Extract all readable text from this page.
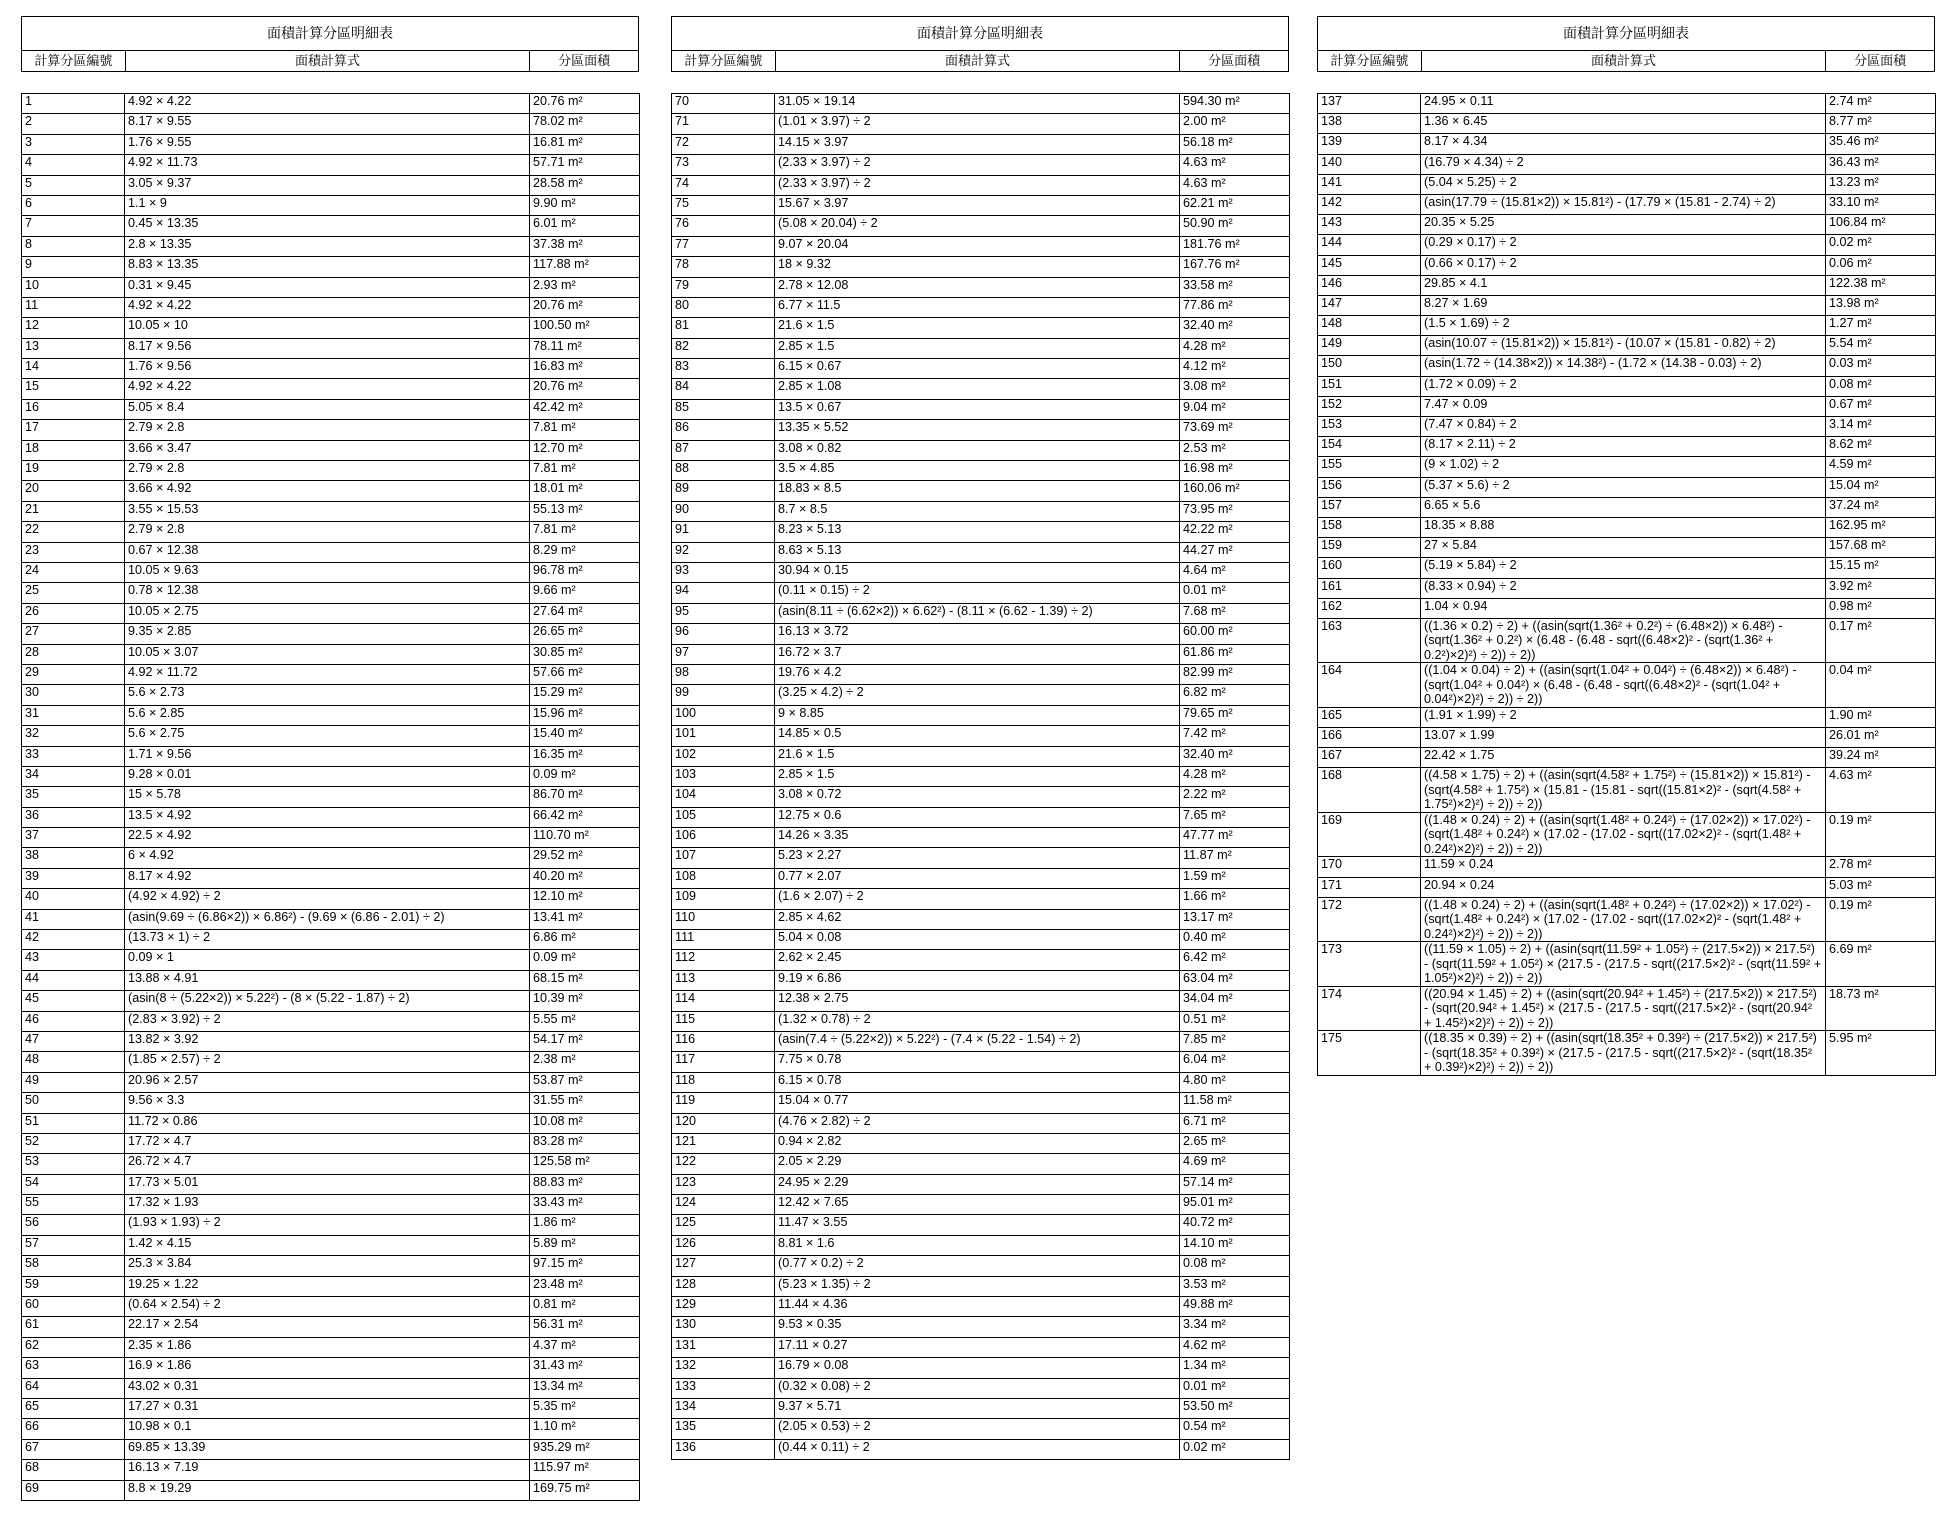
面積計算分區明細表
計算分區編號	面積計算式	分區面積
1	4.92 × 4.22	20.76 m²
2	8.17 × 9.55	78.02 m²
3	1.76 × 9.55	16.81 m²
4	4.92 × 11.73	57.71 m²
5	3.05 × 9.37	28.58 m²
6	1.1 × 9	9.90 m²
7	0.45 × 13.35	6.01 m²
8	2.8 × 13.35	37.38 m²
9	8.83 × 13.35	117.88 m²
10	0.31 × 9.45	2.93 m²
11	4.92 × 4.22	20.76 m²
12	10.05 × 10	100.50 m²
13	8.17 × 9.56	78.11 m²
14	1.76 × 9.56	16.83 m²
15	4.92 × 4.22	20.76 m²
16	5.05 × 8.4	42.42 m²
17	2.79 × 2.8	7.81 m²
18	3.66 × 3.47	12.70 m²
19	2.79 × 2.8	7.81 m²
20	3.66 × 4.92	18.01 m²
21	3.55 × 15.53	55.13 m²
22	2.79 × 2.8	7.81 m²
23	0.67 × 12.38	8.29 m²
24	10.05 × 9.63	96.78 m²
25	0.78 × 12.38	9.66 m²
26	10.05 × 2.75	27.64 m²
27	9.35 × 2.85	26.65 m²
28	10.05 × 3.07	30.85 m²
29	4.92 × 11.72	57.66 m²
30	5.6 × 2.73	15.29 m²
31	5.6 × 2.85	15.96 m²
32	5.6 × 2.75	15.40 m²
33	1.71 × 9.56	16.35 m²
34	9.28 × 0.01	0.09 m²
35	15 × 5.78	86.70 m²
36	13.5 × 4.92	66.42 m²
37	22.5 × 4.92	110.70 m²
38	6 × 4.92	29.52 m²
39	8.17 × 4.92	40.20 m²
40	(4.92 × 4.92) ÷ 2	12.10 m²
41	(asin(9.69 ÷ (6.86×2)) × 6.86²) - (9.69 × (6.86 - 2.01) ÷ 2)	13.41 m²
42	(13.73 × 1) ÷ 2	6.86 m²
43	0.09 × 1	0.09 m²
44	13.88 × 4.91	68.15 m²
45	(asin(8 ÷ (5.22×2)) × 5.22²) - (8 × (5.22 - 1.87) ÷ 2)	10.39 m²
46	(2.83 × 3.92) ÷ 2	5.55 m²
47	13.82 × 3.92	54.17 m²
48	(1.85 × 2.57) ÷ 2	2.38 m²
49	20.96 × 2.57	53.87 m²
50	9.56 × 3.3	31.55 m²
51	11.72 × 0.86	10.08 m²
52	17.72 × 4.7	83.28 m²
53	26.72 × 4.7	125.58 m²
54	17.73 × 5.01	88.83 m²
55	17.32 × 1.93	33.43 m²
56	(1.93 × 1.93) ÷ 2	1.86 m²
57	1.42 × 4.15	5.89 m²
58	25.3 × 3.84	97.15 m²
59	19.25 × 1.22	23.48 m²
60	(0.64 × 2.54) ÷ 2	0.81 m²
61	22.17 × 2.54	56.31 m²
62	2.35 × 1.86	4.37 m²
63	16.9 × 1.86	31.43 m²
64	43.02 × 0.31	13.34 m²
65	17.27 × 0.31	5.35 m²
66	10.98 × 0.1	1.10 m²
67	69.85 × 13.39	935.29 m²
68	16.13 × 7.19	115.97 m²
69	8.8 × 19.29	169.75 m²
面積計算分區明細表
計算分區編號	面積計算式	分區面積
70	31.05 × 19.14	594.30 m²
71	(1.01 × 3.97) ÷ 2	2.00 m²
72	14.15 × 3.97	56.18 m²
73	(2.33 × 3.97) ÷ 2	4.63 m²
74	(2.33 × 3.97) ÷ 2	4.63 m²
75	15.67 × 3.97	62.21 m²
76	(5.08 × 20.04) ÷ 2	50.90 m²
77	9.07 × 20.04	181.76 m²
78	18 × 9.32	167.76 m²
79	2.78 × 12.08	33.58 m²
80	6.77 × 11.5	77.86 m²
81	21.6 × 1.5	32.40 m²
82	2.85 × 1.5	4.28 m²
83	6.15 × 0.67	4.12 m²
84	2.85 × 1.08	3.08 m²
85	13.5 × 0.67	9.04 m²
86	13.35 × 5.52	73.69 m²
87	3.08 × 0.82	2.53 m²
88	3.5 × 4.85	16.98 m²
89	18.83 × 8.5	160.06 m²
90	8.7 × 8.5	73.95 m²
91	8.23 × 5.13	42.22 m²
92	8.63 × 5.13	44.27 m²
93	30.94 × 0.15	4.64 m²
94	(0.11 × 0.15) ÷ 2	0.01 m²
95	(asin(8.11 ÷ (6.62×2)) × 6.62²) - (8.11 × (6.62 - 1.39) ÷ 2)	7.68 m²
96	16.13 × 3.72	60.00 m²
97	16.72 × 3.7	61.86 m²
98	19.76 × 4.2	82.99 m²
99	(3.25 × 4.2) ÷ 2	6.82 m²
100	9 × 8.85	79.65 m²
101	14.85 × 0.5	7.42 m²
102	21.6 × 1.5	32.40 m²
103	2.85 × 1.5	4.28 m²
104	3.08 × 0.72	2.22 m²
105	12.75 × 0.6	7.65 m²
106	14.26 × 3.35	47.77 m²
107	5.23 × 2.27	11.87 m²
108	0.77 × 2.07	1.59 m²
109	(1.6 × 2.07) ÷ 2	1.66 m²
110	2.85 × 4.62	13.17 m²
111	5.04 × 0.08	0.40 m²
112	2.62 × 2.45	6.42 m²
113	9.19 × 6.86	63.04 m²
114	12.38 × 2.75	34.04 m²
115	(1.32 × 0.78) ÷ 2	0.51 m²
116	(asin(7.4 ÷ (5.22×2)) × 5.22²) - (7.4 × (5.22 - 1.54) ÷ 2)	7.85 m²
117	7.75 × 0.78	6.04 m²
118	6.15 × 0.78	4.80 m²
119	15.04 × 0.77	11.58 m²
120	(4.76 × 2.82) ÷ 2	6.71 m²
121	0.94 × 2.82	2.65 m²
122	2.05 × 2.29	4.69 m²
123	24.95 × 2.29	57.14 m²
124	12.42 × 7.65	95.01 m²
125	11.47 × 3.55	40.72 m²
126	8.81 × 1.6	14.10 m²
127	(0.77 × 0.2) ÷ 2	0.08 m²
128	(5.23 × 1.35) ÷ 2	3.53 m²
129	11.44 × 4.36	49.88 m²
130	9.53 × 0.35	3.34 m²
131	17.11 × 0.27	4.62 m²
132	16.79 × 0.08	1.34 m²
133	(0.32 × 0.08) ÷ 2	0.01 m²
134	9.37 × 5.71	53.50 m²
135	(2.05 × 0.53) ÷ 2	0.54 m²
136	(0.44 × 0.11) ÷ 2	0.02 m²
面積計算分區明細表
計算分區編號	面積計算式	分區面積
137	24.95 × 0.11	2.74 m²
138	1.36 × 6.45	8.77 m²
139	8.17 × 4.34	35.46 m²
140	(16.79 × 4.34) ÷ 2	36.43 m²
141	(5.04 × 5.25) ÷ 2	13.23 m²
142	(asin(17.79 ÷ (15.81×2)) × 15.81²) - (17.79 × (15.81 - 2.74) ÷ 2)	33.10 m²
143	20.35 × 5.25	106.84 m²
144	(0.29 × 0.17) ÷ 2	0.02 m²
145	(0.66 × 0.17) ÷ 2	0.06 m²
146	29.85 × 4.1	122.38 m²
147	8.27 × 1.69	13.98 m²
148	(1.5 × 1.69) ÷ 2	1.27 m²
149	(asin(10.07 ÷ (15.81×2)) × 15.81²) - (10.07 × (15.81 - 0.82) ÷ 2)	5.54 m²
150	(asin(1.72 ÷ (14.38×2)) × 14.38²) - (1.72 × (14.38 - 0.03) ÷ 2)	0.03 m²
151	(1.72 × 0.09) ÷ 2	0.08 m²
152	7.47 × 0.09	0.67 m²
153	(7.47 × 0.84) ÷ 2	3.14 m²
154	(8.17 × 2.11) ÷ 2	8.62 m²
155	(9 × 1.02) ÷ 2	4.59 m²
156	(5.37 × 5.6) ÷ 2	15.04 m²
157	6.65 × 5.6	37.24 m²
158	18.35 × 8.88	162.95 m²
159	27 × 5.84	157.68 m²
160	(5.19 × 5.84) ÷ 2	15.15 m²
161	(8.33 × 0.94) ÷ 2	3.92 m²
162	1.04 × 0.94	0.98 m²
163	((1.36 × 0.2) ÷ 2) + ((asin(sqrt(1.36² + 0.2²) ÷ (6.48×2)) × 6.48²) - (sqrt(1.36² + 0.2²) × (6.48 - (6.48 - sqrt((6.48×2)² - (sqrt(1.36² + 0.2²)×2)²) ÷ 2)) ÷ 2))	0.17 m²
164	((1.04 × 0.04) ÷ 2) + ((asin(sqrt(1.04² + 0.04²) ÷ (6.48×2)) × 6.48²) - (sqrt(1.04² + 0.04²) × (6.48 - (6.48 - sqrt((6.48×2)² - (sqrt(1.04² + 0.04²)×2)²) ÷ 2)) ÷ 2))	0.04 m²
165	(1.91 × 1.99) ÷ 2	1.90 m²
166	13.07 × 1.99	26.01 m²
167	22.42 × 1.75	39.24 m²
168	((4.58 × 1.75) ÷ 2) + ((asin(sqrt(4.58² + 1.75²) ÷ (15.81×2)) × 15.81²) - (sqrt(4.58² + 1.75²) × (15.81 - (15.81 - sqrt((15.81×2)² - (sqrt(4.58² + 1.75²)×2)²) ÷ 2)) ÷ 2))	4.63 m²
169	((1.48 × 0.24) ÷ 2) + ((asin(sqrt(1.48² + 0.24²) ÷ (17.02×2)) × 17.02²) - (sqrt(1.48² + 0.24²) × (17.02 - (17.02 - sqrt((17.02×2)² - (sqrt(1.48² + 0.24²)×2)²) ÷ 2)) ÷ 2))	0.19 m²
170	11.59 × 0.24	2.78 m²
171	20.94 × 0.24	5.03 m²
172	((1.48 × 0.24) ÷ 2) + ((asin(sqrt(1.48² + 0.24²) ÷ (17.02×2)) × 17.02²) - (sqrt(1.48² + 0.24²) × (17.02 - (17.02 - sqrt((17.02×2)² - (sqrt(1.48² + 0.24²)×2)²) ÷ 2)) ÷ 2))	0.19 m²
173	((11.59 × 1.05) ÷ 2) + ((asin(sqrt(11.59² + 1.05²) ÷ (217.5×2)) × 217.5²) - (sqrt(11.59² + 1.05²) × (217.5 - (217.5 - sqrt((217.5×2)² - (sqrt(11.59² + 1.05²)×2)²) ÷ 2)) ÷ 2))	6.69 m²
174	((20.94 × 1.45) ÷ 2) + ((asin(sqrt(20.94² + 1.45²) ÷ (217.5×2)) × 217.5²) - (sqrt(20.94² + 1.45²) × (217.5 - (217.5 - sqrt((217.5×2)² - (sqrt(20.94² + 1.45²)×2)²) ÷ 2)) ÷ 2))	18.73 m²
175	((18.35 × 0.39) ÷ 2) + ((asin(sqrt(18.35² + 0.39²) ÷ (217.5×2)) × 217.5²) - (sqrt(18.35² + 0.39²) × (217.5 - (217.5 - sqrt((217.5×2)² - (sqrt(18.35² + 0.39²)×2)²) ÷ 2)) ÷ 2))	5.95 m²
